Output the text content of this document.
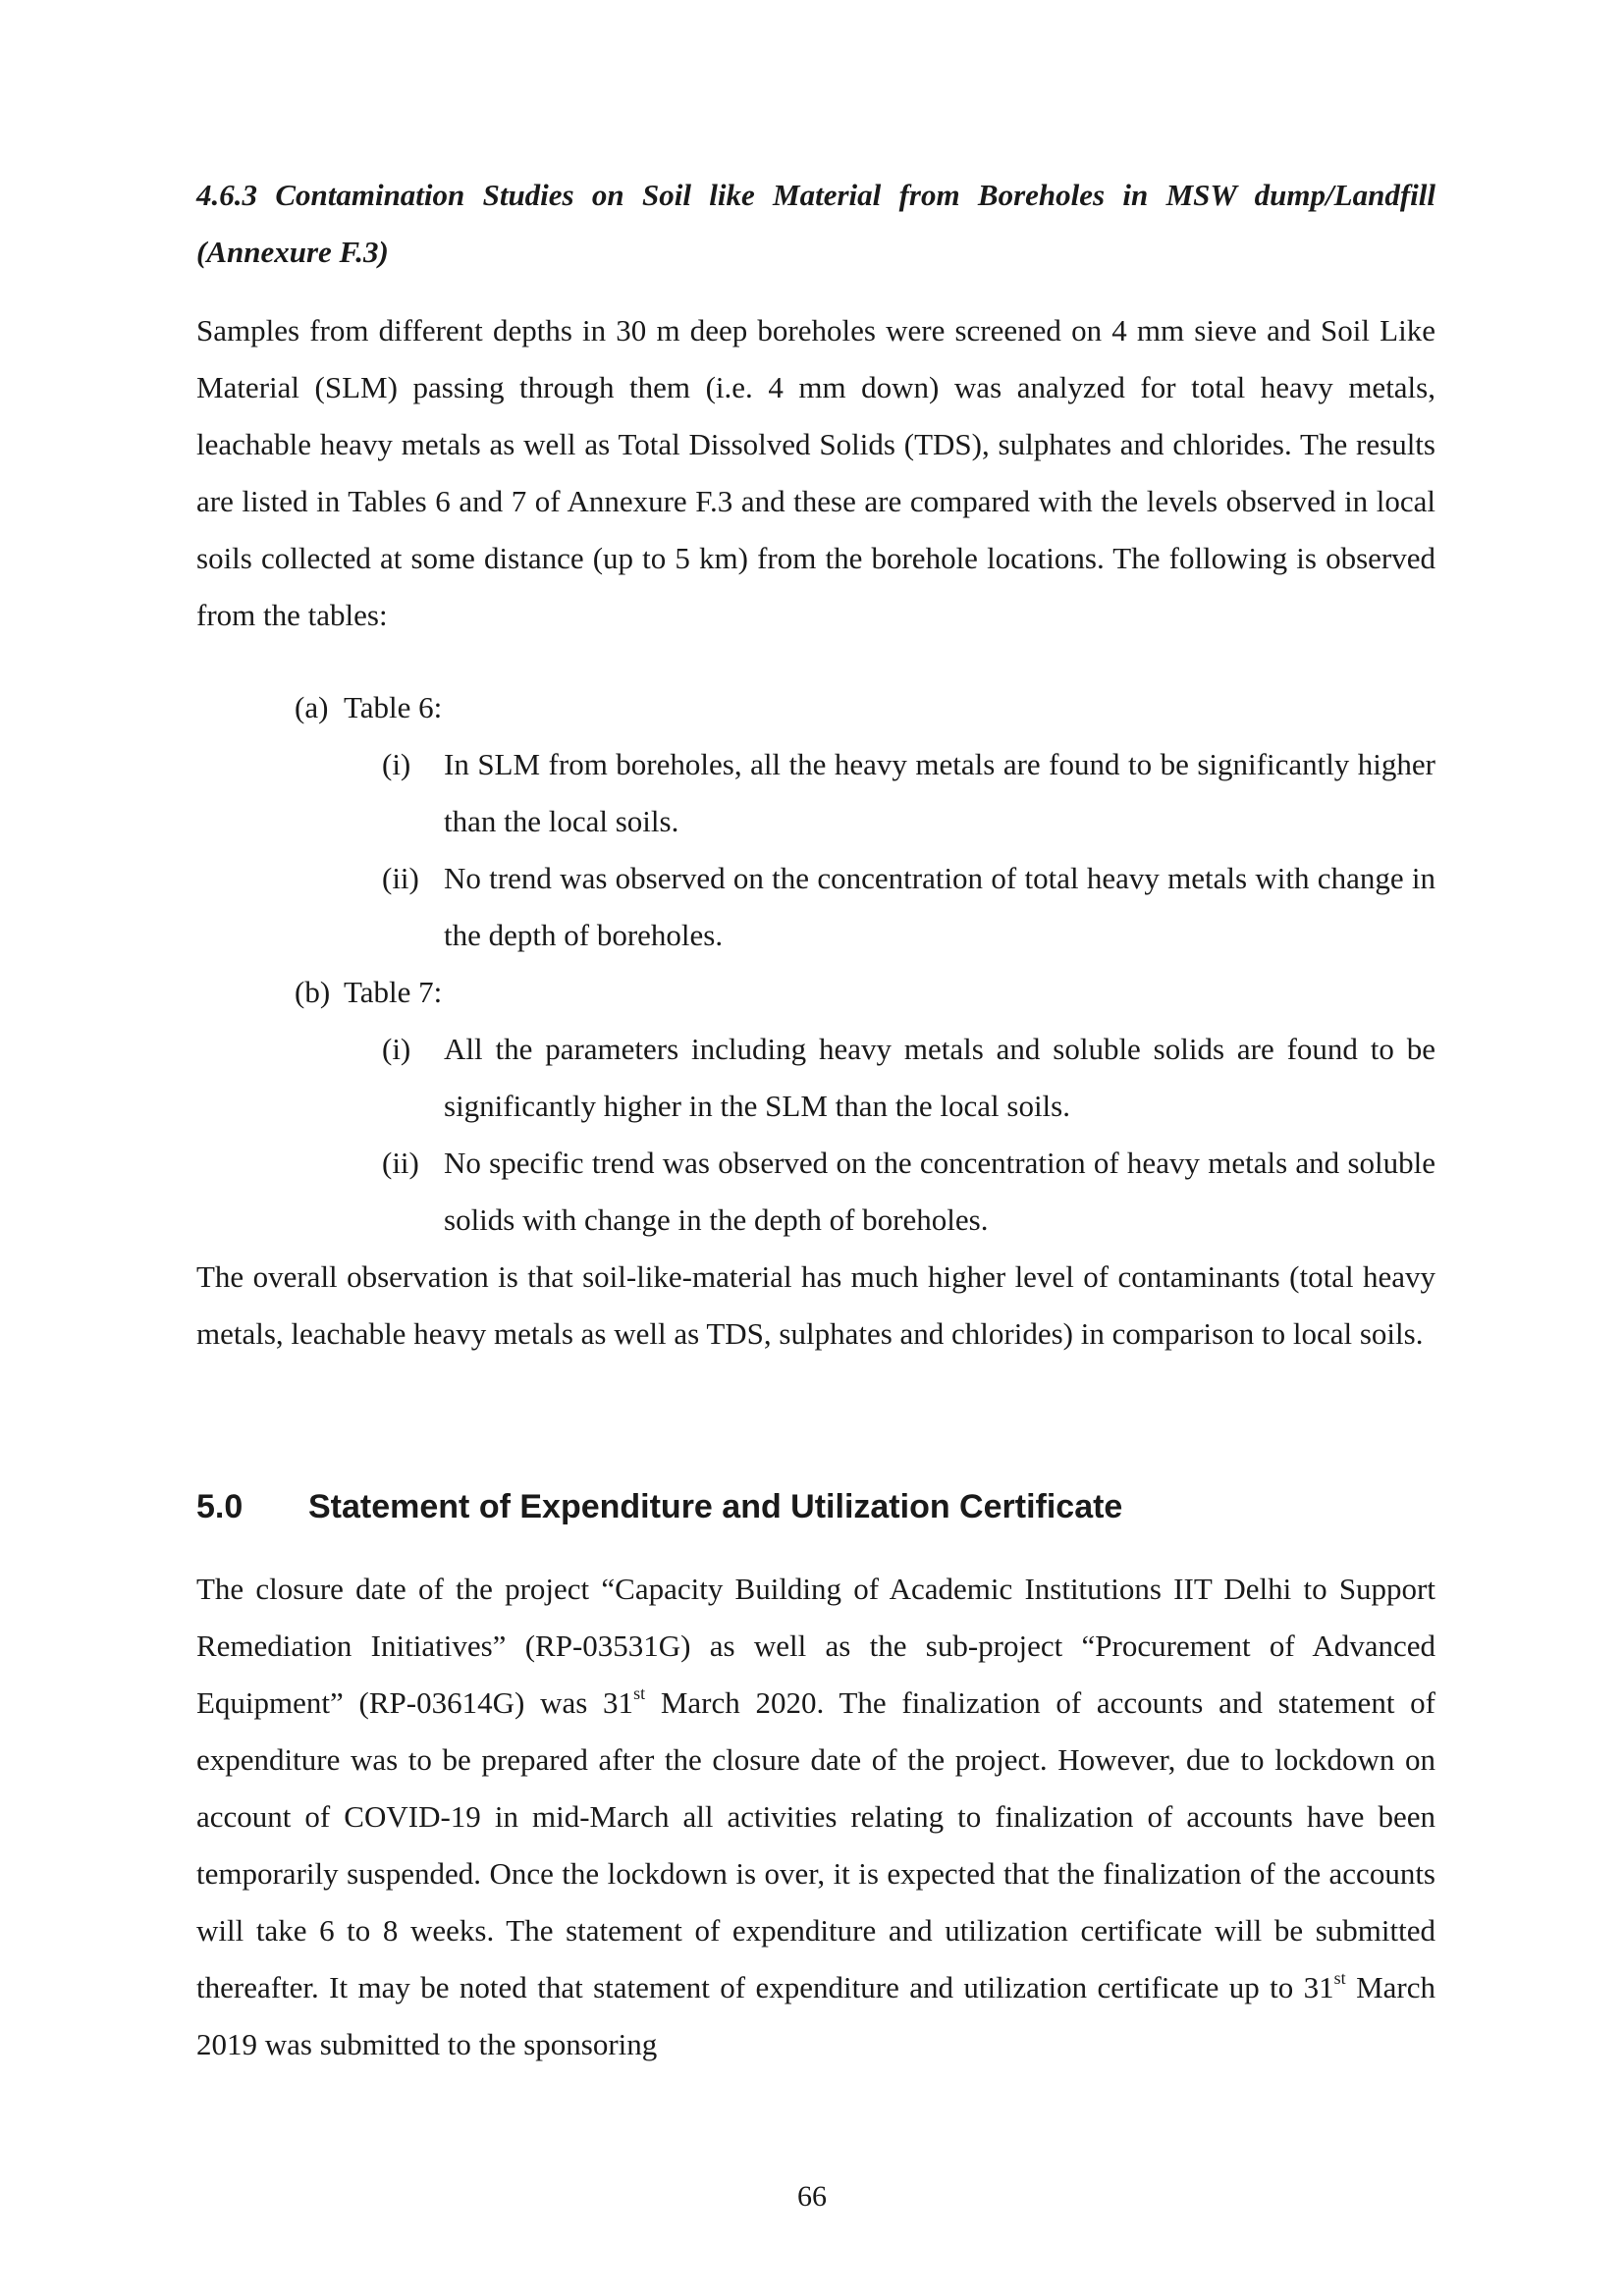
4.6.3 Contamination Studies on Soil like Material from Boreholes in MSW dump/Landfill (Annexure F.3)

Samples from different depths in 30 m deep boreholes were screened on 4 mm sieve and Soil Like Material (SLM) passing through them (i.e. 4 mm down) was analyzed for total heavy metals, leachable heavy metals as well as Total Dissolved Solids (TDS), sulphates and chlorides. The results are listed in Tables 6 and 7 of Annexure F.3 and these are compared with the levels observed in local soils collected at some distance (up to 5 km) from the borehole locations. The following is observed from the tables:

(a) Table 6:
(i) In SLM from boreholes, all the heavy metals are found to be significantly higher than the local soils.
(ii) No trend was observed on the concentration of total heavy metals with change in the depth of boreholes.
(b) Table 7:
(i) All the parameters including heavy metals and soluble solids are found to be significantly higher in the SLM than the local soils.
(ii) No specific trend was observed on the concentration of heavy metals and soluble solids with change in the depth of boreholes.

The overall observation is that soil-like-material has much higher level of contaminants (total heavy metals, leachable heavy metals as well as TDS, sulphates and chlorides) in comparison to local soils.

5.0 Statement of Expenditure and Utilization Certificate

The closure date of the project “Capacity Building of Academic Institutions IIT Delhi to Support Remediation Initiatives” (RP-03531G) as well as the sub-project “Procurement of Advanced Equipment” (RP-03614G) was 31st March 2020. The finalization of accounts and statement of expenditure was to be prepared after the closure date of the project. However, due to lockdown on account of COVID-19 in mid-March all activities relating to finalization of accounts have been temporarily suspended. Once the lockdown is over, it is expected that the finalization of the accounts will take 6 to 8 weeks. The statement of expenditure and utilization certificate will be submitted thereafter. It may be noted that statement of expenditure and utilization certificate up to 31st March 2019 was submitted to the sponsoring

66
